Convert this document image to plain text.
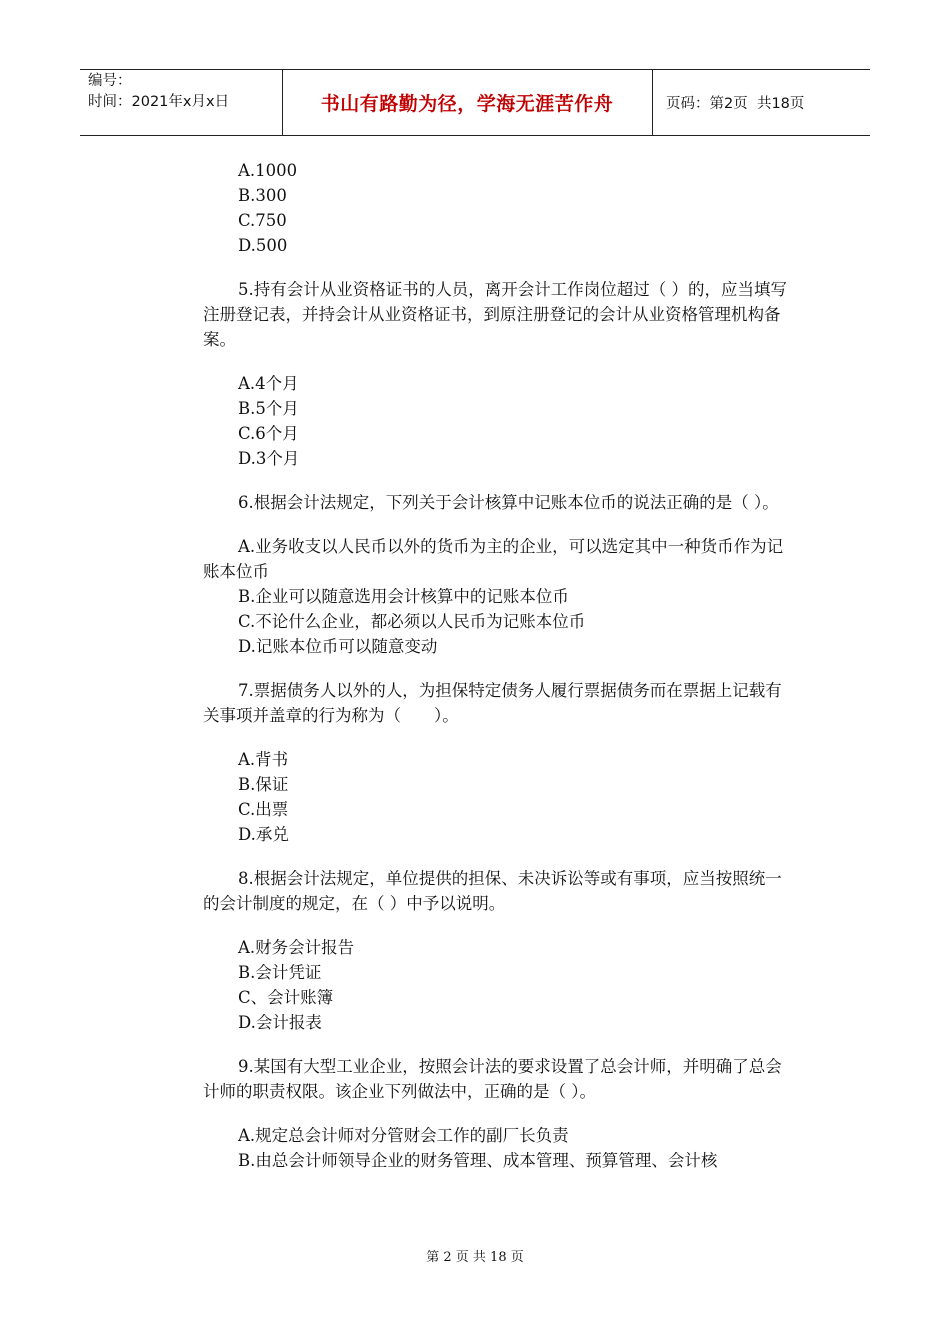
编号：
时间：2021年x月x日	书山有路勤为径，学海无涯苦作舟	页码：第2页  共18页
A.1000
B.300
C.750
D.500
5.持有会计从业资格证书的人员，离开会计工作岗位超过（ ）的，应当填写注册登记表，并持会计从业资格证书，到原注册登记的会计从业资格管理机构备案。
A.4个月
B.5个月
C.6个月
D.3个月
6.根据会计法规定，下列关于会计核算中记账本位币的说法正确的是（ ）。
A.业务收支以人民币以外的货币为主的企业，可以选定其中一种货币作为记账本位币
B.企业可以随意选用会计核算中的记账本位币
C.不论什么企业，都必须以人民币为记账本位币
D.记账本位币可以随意变动
7.票据债务人以外的人，为担保特定债务人履行票据债务而在票据上记载有关事项并盖章的行为称为（　　）。
A.背书
B.保证
C.出票
D.承兑
8.根据会计法规定，单位提供的担保、未决诉讼等或有事项，应当按照统一的会计制度的规定，在（ ）中予以说明。
A.财务会计报告
B.会计凭证
C、会计账簿
D.会计报表
9.某国有大型工业企业，按照会计法的要求设置了总会计师，并明确了总会计师的职责权限。该企业下列做法中，正确的是（ ）。
A.规定总会计师对分管财会工作的副厂长负责
B.由总会计师领导企业的财务管理、成本管理、预算管理、会计核
第 2 页 共 18 页
